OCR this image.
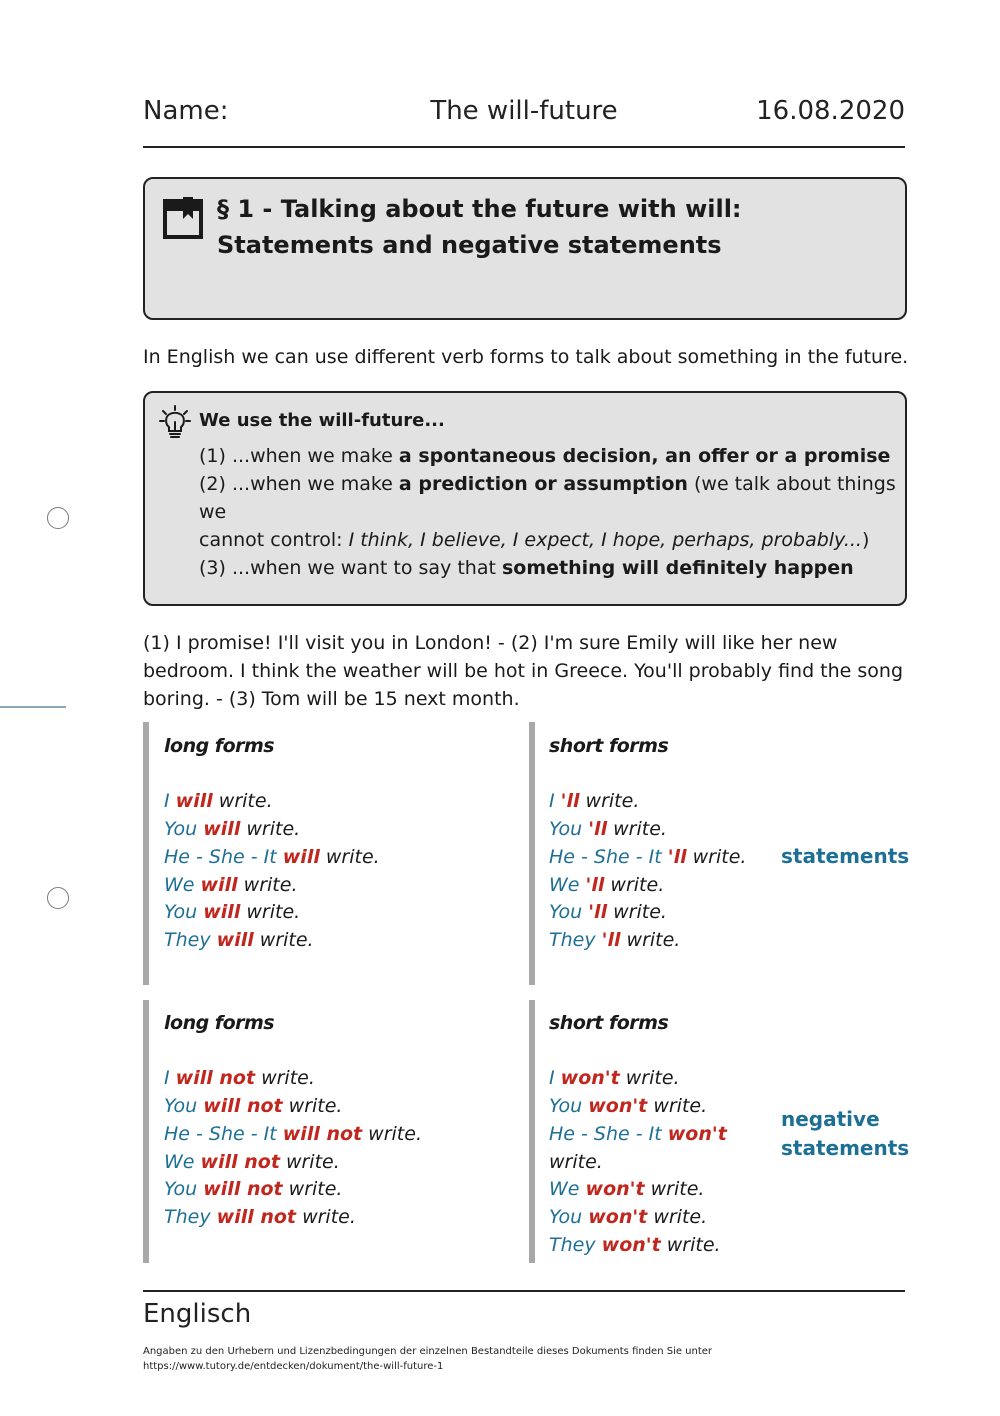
Name:	The will-future	16.08.2020
§ 1 - Talking about the future with will:
Statements and negative statements
In English we can use different verb forms to talk about something in the future.
We use the will-future...
(1) ...when we make a spontaneous decision, an offer or a promise
(2) ...when we make a prediction or assumption (we talk about things we
cannot control: I think, I believe, I expect, I hope, perhaps, probably...)
(3) ...when we want to say that something will definitely happen
(1) I promise! I'll visit you in London! - (2) I'm sure Emily will like her new bedroom. I think the weather will be hot in Greece. You'll probably find the song boring. - (3) Tom will be 15 next month.
long forms
I will write.
You will write.
He - She - It will write.
We will write.
You will write.
They will write.
short forms
I 'll write.
You 'll write.
He - She - It 'll write.
We 'll write.
You 'll write.
They 'll write.
statements
long forms
I will not write.
You will not write.
He - She - It will not write.
We will not write.
You will not write.
They will not write.
short forms
I won't write.
You won't write.
He - She - It won't write.
We won't write.
You won't write.
They won't write.
negative
statements
Englisch
Angaben zu den Urhebern und Lizenzbedingungen der einzelnen Bestandteile dieses Dokuments finden Sie unter
https://www.tutory.de/entdecken/dokument/the-will-future-1
